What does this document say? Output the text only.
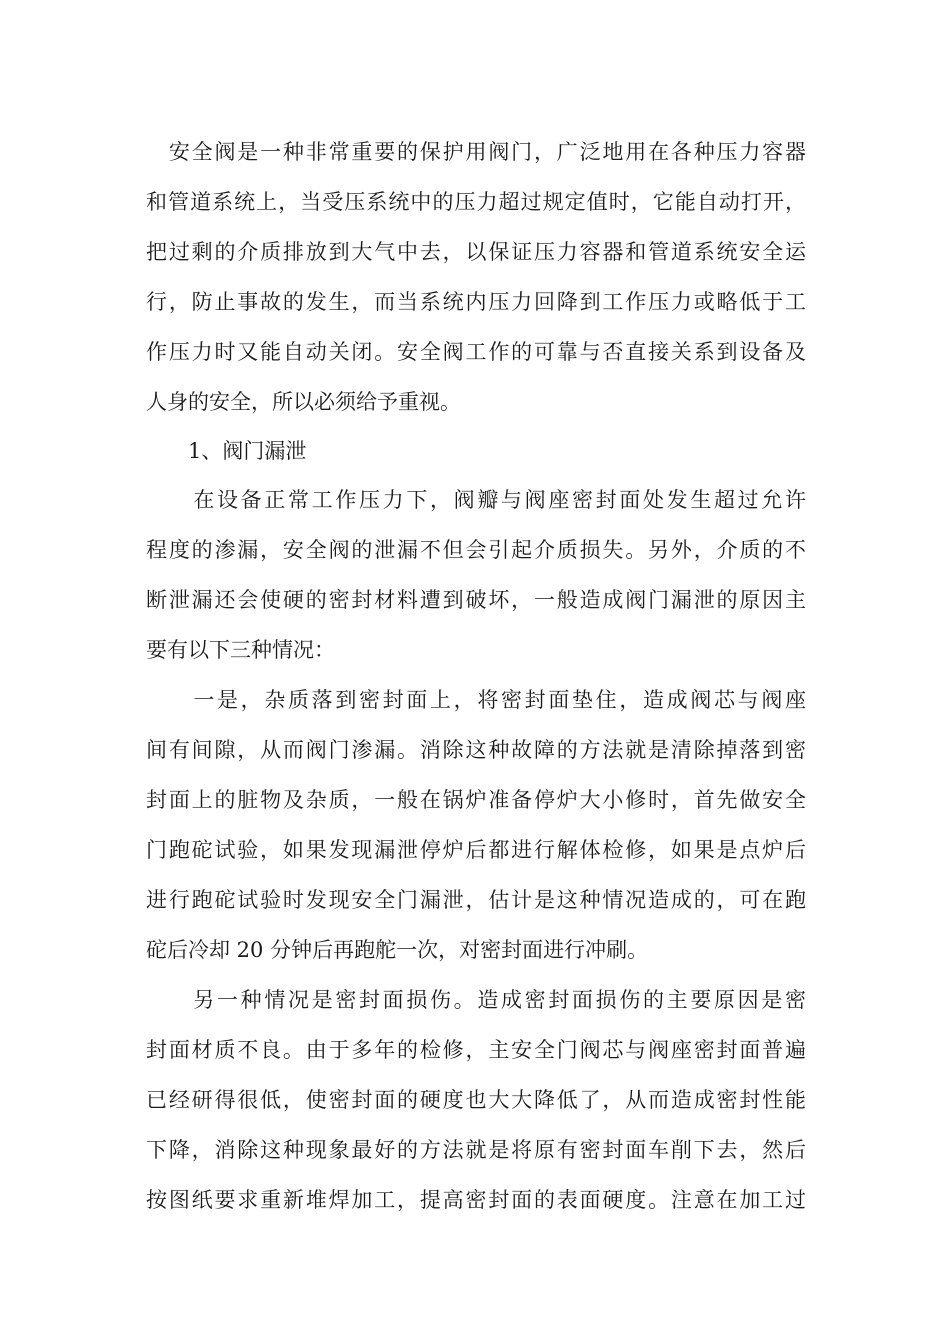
　安全阀是一种非常重要的保护用阀门，广泛地用在各种压力容器
和管道系统上，当受压系统中的压力超过规定值时，它能自动打开，
把过剩的介质排放到大气中去，以保证压力容器和管道系统安全运
行，防止事故的发生，而当系统内压力回降到工作压力或略低于工
作压力时又能自动关闭。安全阀工作的可靠与否直接关系到设备及
人身的安全，所以必须给予重视。
　　1、阀门漏泄
　　在设备正常工作压力下，阀瓣与阀座密封面处发生超过允许
程度的渗漏，安全阀的泄漏不但会引起介质损失。另外，介质的不
断泄漏还会使硬的密封材料遭到破坏，一般造成阀门漏泄的原因主
要有以下三种情况：
　　一是，杂质落到密封面上，将密封面垫住，造成阀芯与阀座
间有间隙，从而阀门渗漏。消除这种故障的方法就是清除掉落到密
封面上的脏物及杂质，一般在锅炉准备停炉大小修时，首先做安全
门跑砣试验，如果发现漏泄停炉后都进行解体检修，如果是点炉后
进行跑砣试验时发现安全门漏泄，估计是这种情况造成的，可在跑
砣后冷却 20 分钟后再跑舵一次，对密封面进行冲刷。
　　另一种情况是密封面损伤。造成密封面损伤的主要原因是密
封面材质不良。由于多年的检修，主安全门阀芯与阀座密封面普遍
已经研得很低，使密封面的硬度也大大降低了，从而造成密封性能
下降，消除这种现象最好的方法就是将原有密封面车削下去，然后
按图纸要求重新堆焊加工，提高密封面的表面硬度。注意在加工过
